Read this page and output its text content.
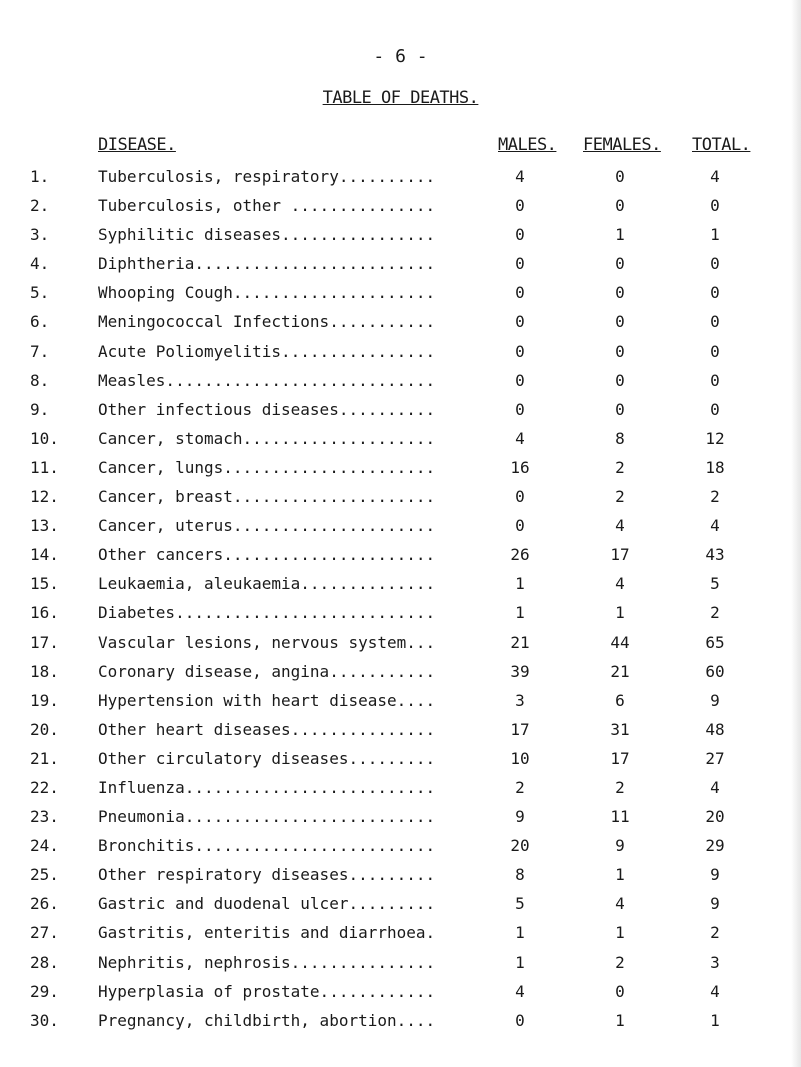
- 6 -
TABLE OF DEATHS.
DISEASE.	MALES. FEMALES. TOTAL.
1.	Tuberculosis, respiratory..........	4	0	4
2.	Tuberculosis, other ...............	0	0	0
3.	Syphilitic diseases................	0	1	1
4.	Diphtheria.........................	0	0	0
5.	Whooping Cough.....................	0	0	0
6.	Meningococcal Infections...........	0	0	0
7.	Acute Poliomyelitis................	0	0	0
8.	Measles............................	0	0	0
9.	Other infectious diseases..........	0	0	0
10.	Cancer, stomach....................	4	8	12
11.	Cancer, lungs......................	16	2	18
12.	Cancer, breast.....................	0	2	2
13.	Cancer, uterus.....................	0	4	4
14.	Other cancers......................	26	17	43
15.	Leukaemia, aleukaemia..............	1	4	5
16.	Diabetes...........................	1	1	2
17.	Vascular lesions, nervous system...	21	44	65
18.	Coronary disease, angina...........	39	21	60
19.	Hypertension with heart disease....	3	6	9
20.	Other heart diseases...............	17	31	48
21.	Other circulatory diseases.........	10	17	27
22.	Influenza..........................	2	2	4
23.	Pneumonia..........................	9	11	20
24.	Bronchitis.........................	20	9	29
25.	Other respiratory diseases.........	8	1	9
26.	Gastric and duodenal ulcer.........	5	4	9
27.	Gastritis, enteritis and diarrhoea.	1	1	2
28.	Nephritis, nephrosis...............	1	2	3
29.	Hyperplasia of prostate............	4	0	4
30.	Pregnancy, childbirth, abortion....	0	1	1
